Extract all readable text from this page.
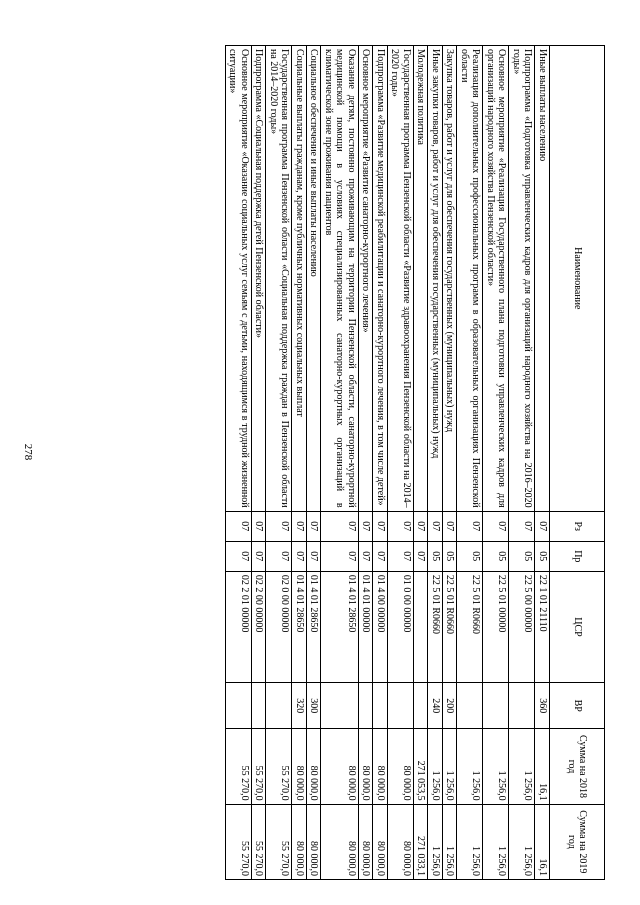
278
Наименование	Рз	Пр	ЦСР	ВР	Сумма на 2018 год	Сумма на 2019 год
Иные выплаты населению	07	05	22 1 01 21110	360	16,1	16,1
Подпрограмма «Подготовка управленческих кадров для организаций народного хозяйства на 2016–2020 годы»	07	05	22 5 00 00000		1 256,0	1 256,0
Основное мероприятие «Реализация Государственного плана подготовки управленческих кадров для организаций народного хозяйства Пензенской области»	07	05	22 5 01 00000		1 256,0	1 256,0
Реализация дополнительных профессиональных программ в образовательных организациях Пензенской области	07	05	22 5 01 R0660		1 256,0	1 256,0
Закупка товаров, работ и услуг для обеспечения государственных (муниципальных) нужд	07	05	22 5 01 R0660	200	1 256,0	1 256,0
Иные закупки товаров, работ и услуг для обеспечения государственных (муниципальных) нужд	07	05	22 5 01 R0660	240	1 256,0	1 256,0
Молодежная политика	07	07			271 053,5	271 033,1
Государственная программа Пензенской области «Развитие здравоохранения Пензенской области на 2014–2020 годы»	07	07	01 0 00 00000		80 000,0	80 000,0
Подпрограмма «Развитие медицинской реабилитации и санаторно-курортного лечения, в том числе детей»	07	07	01 4 00 00000		80 000,0	80 000,0
Основное мероприятие «Развитие санаторно-курортного лечения»	07	07	01 4 01 00000		80 000,0	80 000,0
Оказание детям, постоянно проживающим на территории Пензенской области, санаторно-курортной медицинской помощи в условиях специализированных санаторно-курортных организаций в климатической зоне проживания пациентов	07	07	01 4 01 28650		80 000,0	80 000,0
Социальное обеспечение и иные выплаты населению	07	07	01 4 01 28650	300	80 000,0	80 000,0
Социальные выплаты гражданам, кроме публичных нормативных социальных выплат	07	07	01 4 01 28650	320	80 000,0	80 000,0
Государственная программа Пензенской области «Социальная поддержка граждан в Пензенской области на 2014–2020 годы»	07	07	02 0 00 00000		55 270,0	55 270,0
Подпрограмма «Социальная поддержка детей Пензенской области»	07	07	02 2 00 00000		55 270,0	55 270,0
Основное мероприятие «Оказание социальных услуг семьям с детьми, находящимся в трудной жизненной ситуации»	07	07	02 2 01 00000		55 270,0	55 270,0
